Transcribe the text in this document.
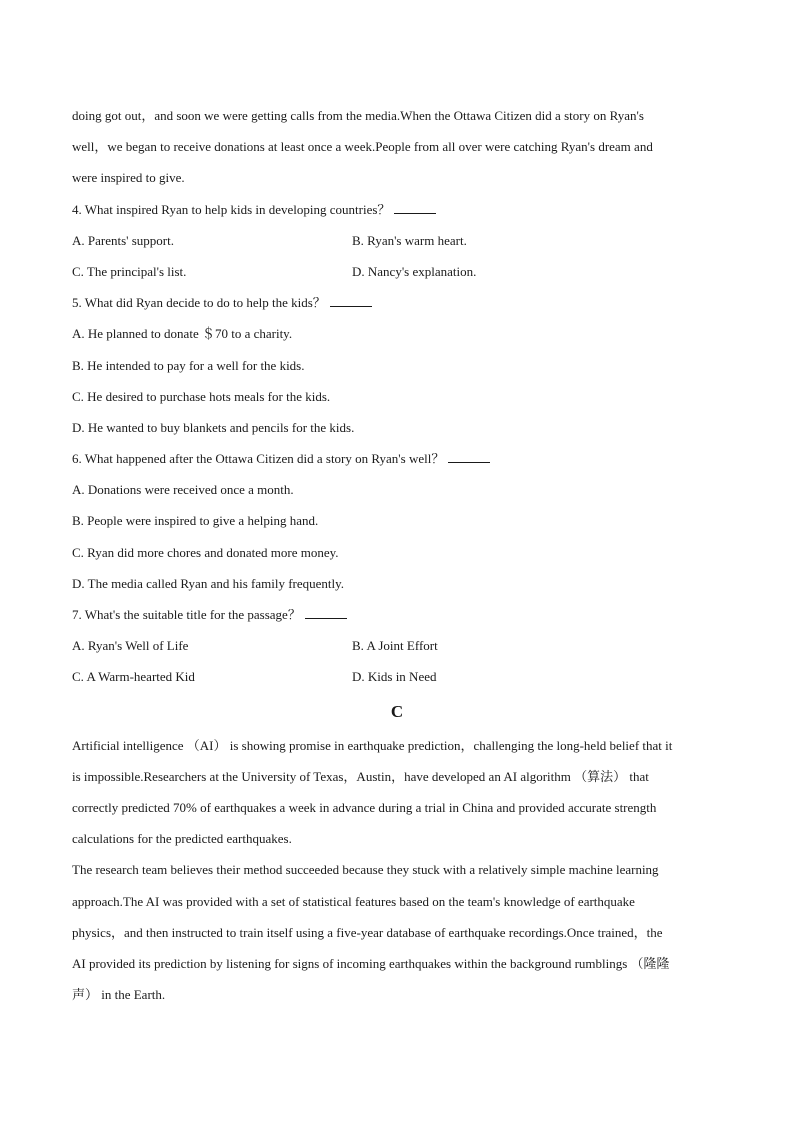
doing got out，and soon we were getting calls from the media.When the Ottawa Citizen did a story on Ryan's
well，we began to receive donations at least once a week.People from all over were catching Ryan's dream and
were inspired to give.
4. What inspired Ryan to help kids in developing countries？
A. Parents' support.	B. Ryan's warm heart.
C. The principal's list.	D. Nancy's explanation.
5. What did Ryan decide to do to help the kids？
A. He planned to donate ＄70 to a charity.
B. He intended to pay for a well for the kids.
C. He desired to purchase hots meals for the kids.
D. He wanted to buy blankets and pencils for the kids.
6. What happened after the Ottawa Citizen did a story on Ryan's well？
A. Donations were received once a month.
B. People were inspired to give a helping hand.
C. Ryan did more chores and donated more money.
D. The media called Ryan and his family frequently.
7. What's the suitable title for the passage？
A. Ryan's Well of Life	B. A Joint Effort
C. A Warm-hearted Kid	D. Kids in Need
C
Artificial intelligence （AI） is showing promise in earthquake prediction，challenging the long-held belief that it
is impossible.Researchers at the University of Texas，Austin，have developed an AI algorithm （算法） that
correctly predicted 70% of earthquakes a week in advance during a trial in China and provided accurate strength
calculations for the predicted earthquakes.
The research team believes their method succeeded because they stuck with a relatively simple machine learning
approach.The AI was provided with a set of statistical features based on the team's knowledge of earthquake
physics，and then instructed to train itself using a five-year database of earthquake recordings.Once trained，the
AI provided its prediction by listening for signs of incoming earthquakes within the background rumblings （隆隆
声） in the Earth.
